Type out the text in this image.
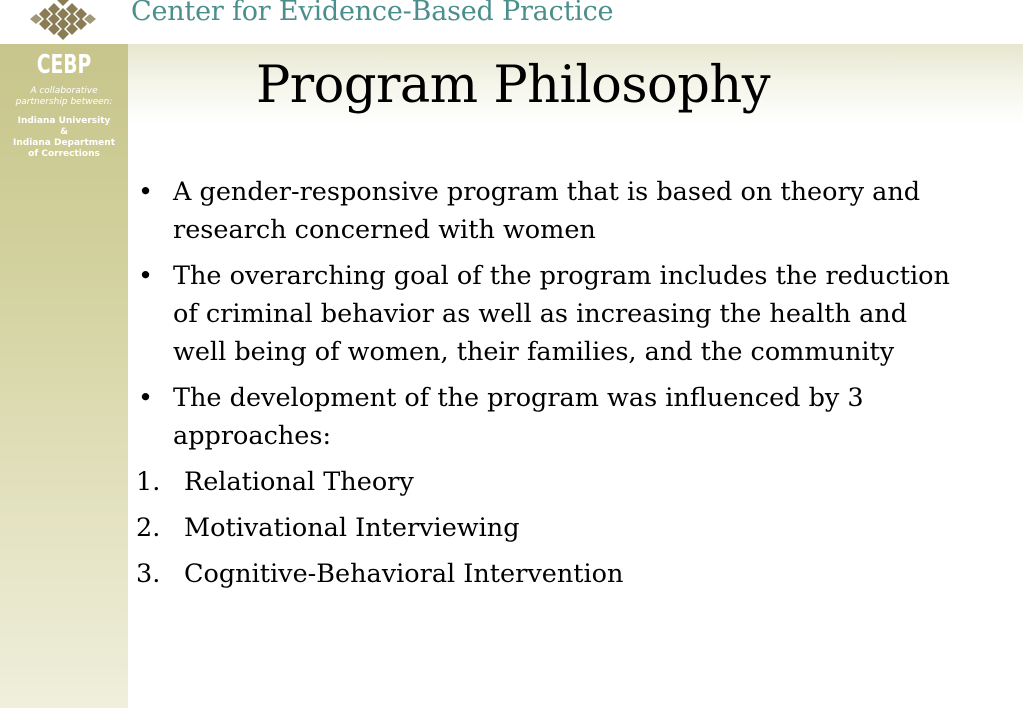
Center for Evidence-Based Practice
CEBP
A collaborative
partnership between:
Indiana University
&
Indiana Department
of Corrections
Program Philosophy
• A gender-responsive program that is based on theory and research concerned with women
• The overarching goal of the program includes the reduction of criminal behavior as well as increasing the health and well being of women, their families, and the community
• The development of the program was influenced by 3 approaches:
1. Relational Theory
2. Motivational Interviewing
3. Cognitive-Behavioral Intervention
